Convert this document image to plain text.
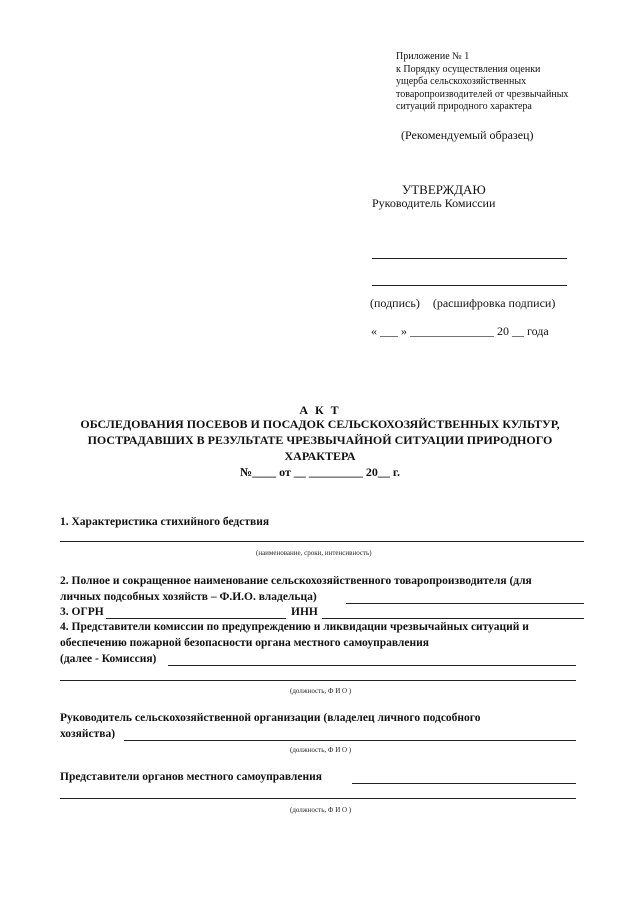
Приложение № 1
к Порядку осуществления оценки
ущерба сельскохозяйственных
товаропроизводителей от чрезвычайных
ситуаций природного характера
(Рекомендуемый образец)
УТВЕРЖДАЮ
Руководитель Комиссии
(подпись) (расшифровка подписи)
« ___ » ______________ 20 __ года
А К Т
ОБСЛЕДОВАНИЯ ПОСЕВОВ И ПОСАДОК СЕЛЬСКОХОЗЯЙСТВЕННЫХ КУЛЬТУР,
ПОСТРАДАВШИХ В РЕЗУЛЬТАТЕ ЧРЕЗВЫЧАЙНОЙ СИТУАЦИИ ПРИРОДНОГО
ХАРАКТЕРА
№____ от __ _________ 20__ г.
1. Характеристика стихийного бедствия
(наименование, сроки, интенсивность)
2. Полное и сокращенное наименование сельскохозяйственного товаропроизводителя (для
личных подсобных хозяйств – Ф.И.О. владельца)
3. ОГРН	ИНН
4. Представители комиссии по предупреждению и ликвидации чрезвычайных ситуаций и
обеспечению пожарной безопасности органа местного самоуправления
(далее - Комиссия)
(должность, Ф И О )
Руководитель сельскохозяйственной организации (владелец личного подсобного
хозяйства)
(должность, Ф И О )
Представители органов местного самоуправления
(должность, Ф И О )
